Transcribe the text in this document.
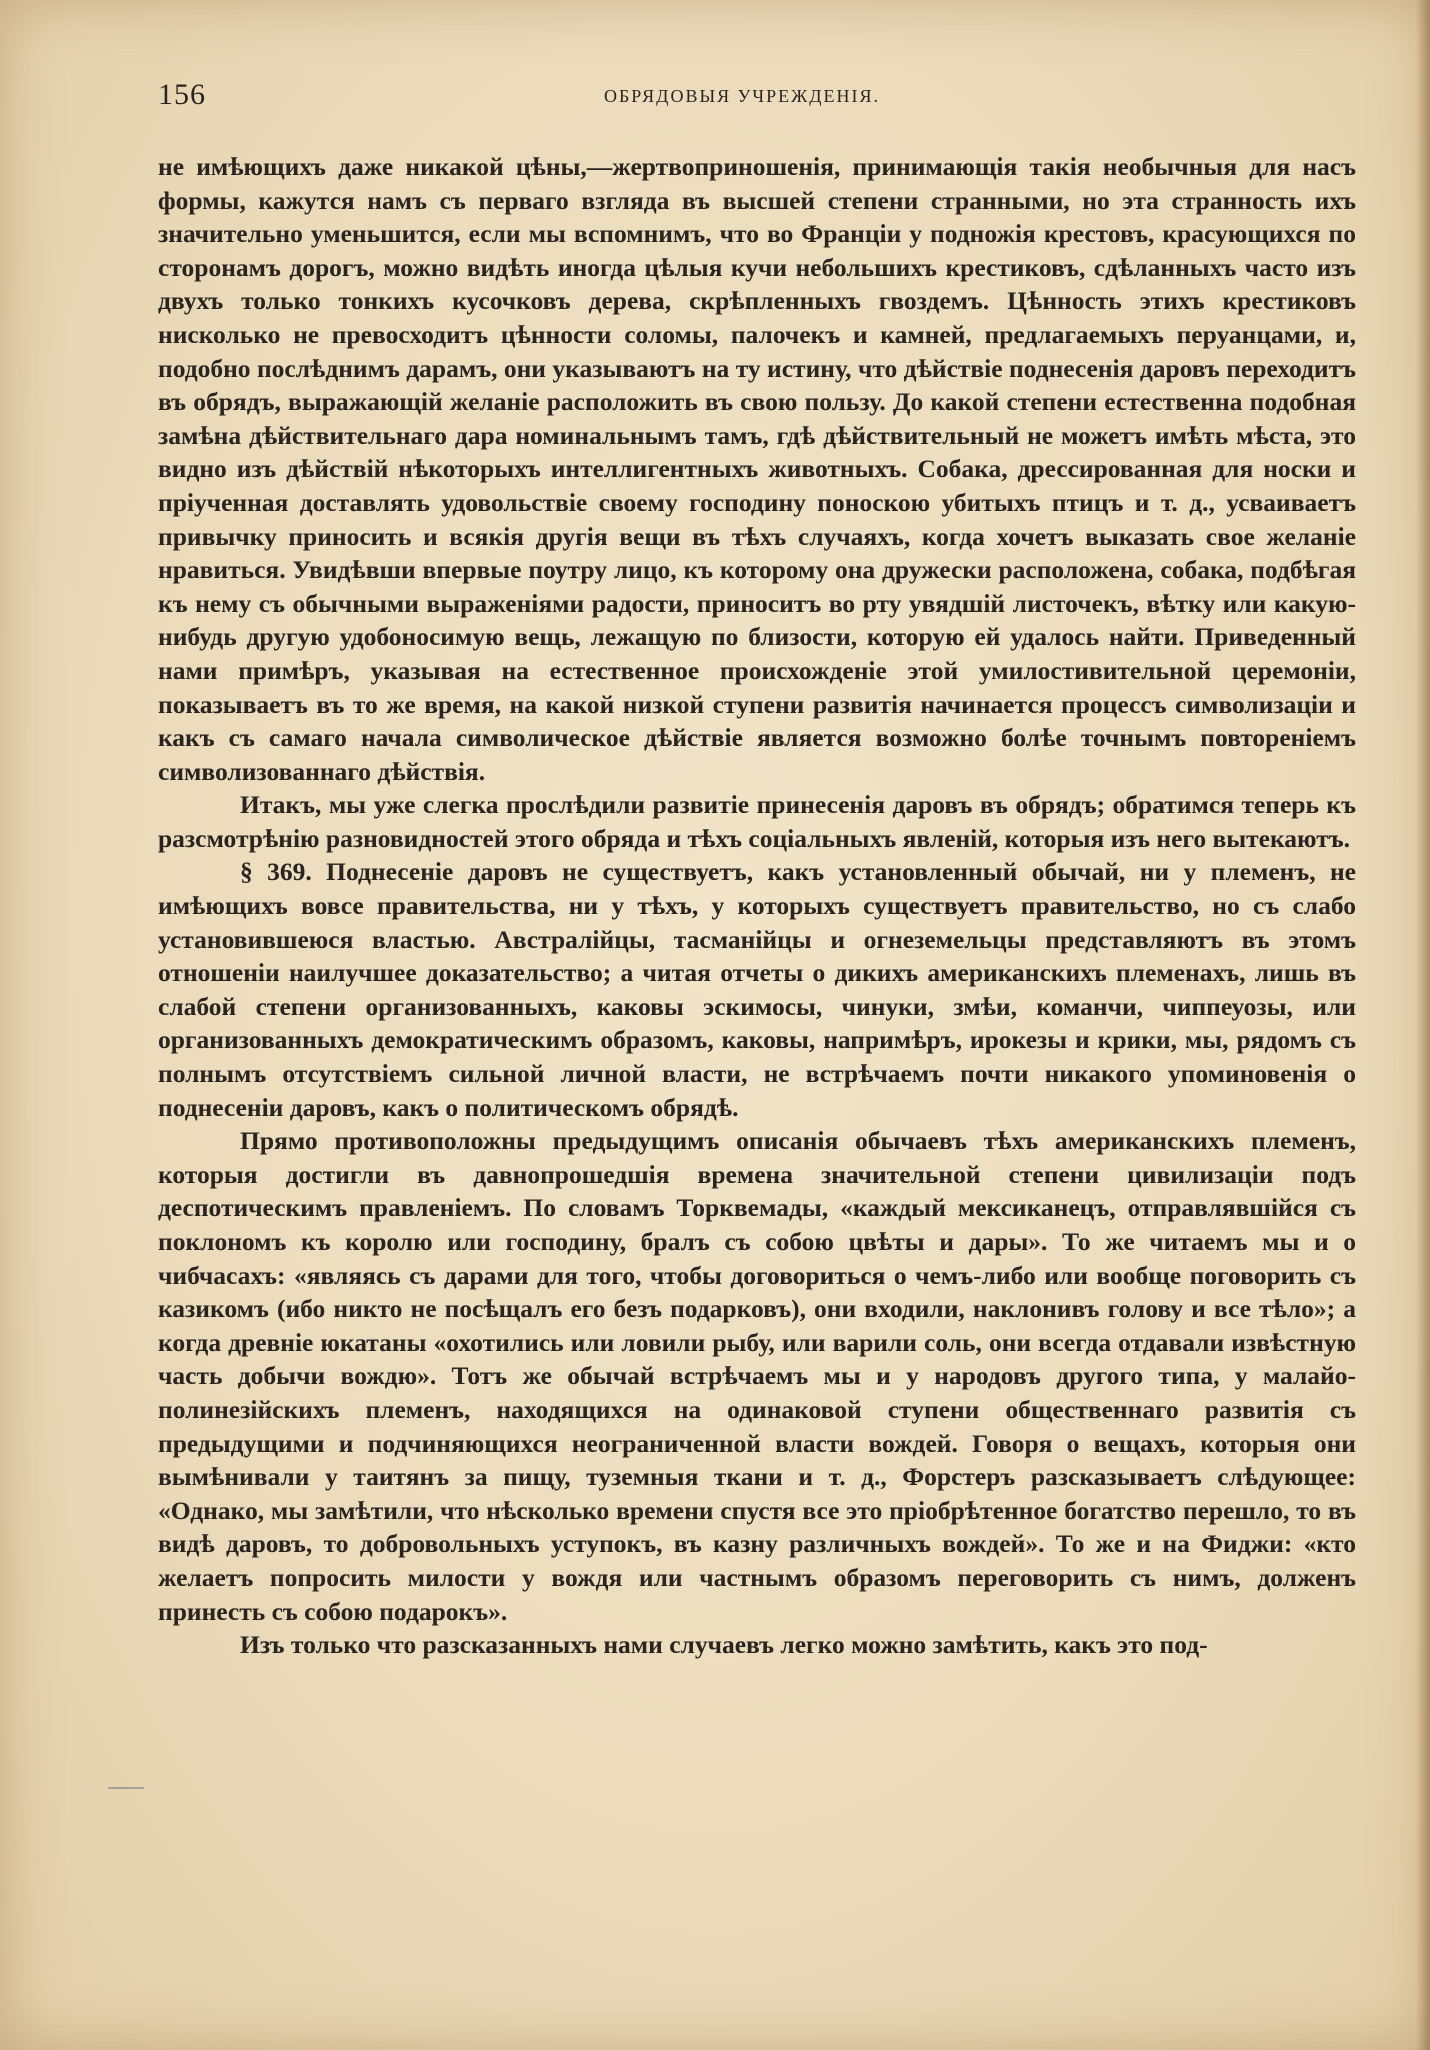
156	ОБРЯДОВЫЯ УЧРЕЖДЕНІЯ.

не имѣющихъ даже никакой цѣны,—жертвоприношенія, принимающія такія необычныя для насъ формы, кажутся намъ съ перваго взгляда въ высшей степени странными, но эта странность ихъ значительно уменьшится, если мы вспомнимъ, что во Франціи у подножія крестовъ, красующихся по сторонамъ дорогъ, можно видѣть иногда цѣлыя кучи небольшихъ крестиковъ, сдѣланныхъ часто изъ двухъ только тонкихъ кусочковъ дерева, скрѣпленныхъ гвоздемъ. Цѣнность этихъ крестиковъ нисколько не превосходитъ цѣнности соломы, палочекъ и камней, предлагаемыхъ перуанцами, и, подобно послѣднимъ дарамъ, они указываютъ на ту истину, что дѣйствіе поднесенія даровъ переходитъ въ обрядъ, выражающій желаніе расположить въ свою пользу. До какой степени естественна подобная замѣна дѣйствительнаго дара номинальнымъ тамъ, гдѣ дѣйствительный не можетъ имѣть мѣста, это видно изъ дѣйствій нѣкоторыхъ интеллигентныхъ животныхъ. Собака, дрессированная для носки и пріученная доставлять удовольствіе своему господину поноскою убитыхъ птицъ и т. д., усваиваетъ привычку приносить и всякія другія вещи въ тѣхъ случаяхъ, когда хочетъ выказать свое желаніе нравиться. Увидѣвши впервые поутру лицо, къ которому она дружески расположена, собака, подбѣгая къ нему съ обычными выраженіями радости, приноситъ во рту увядшій листочекъ, вѣтку или какую-нибудь другую удобоносимую вещь, лежащую по близости, которую ей удалось найти. Приведенный нами примѣръ, указывая на естественное происхожденіе этой умилостивительной церемоніи, показываетъ въ то же время, на какой низкой ступени развитія начинается процессъ символизаціи и какъ съ самаго начала символическое дѣйствіе является возможно болѣе точнымъ повтореніемъ символизованнаго дѣйствія.

Итакъ, мы уже слегка прослѣдили развитіе принесенія даровъ въ обрядъ; обратимся теперь къ разсмотрѣнію разновидностей этого обряда и тѣхъ соціальныхъ явленій, которыя изъ него вытекаютъ.

§ 369. Поднесеніе даровъ не существуетъ, какъ установленный обычай, ни у племенъ, не имѣющихъ вовсе правительства, ни у тѣхъ, у которыхъ существуетъ правительство, но съ слабо установившеюся властью. Австралійцы, тасманійцы и огнеземельцы представляютъ въ этомъ отношеніи наилучшее доказательство; а читая отчеты о дикихъ американскихъ племенахъ, лишь въ слабой степени организованныхъ, каковы эскимосы, чинуки, змѣи, команчи, чиппеуозы, или организованныхъ демократическимъ образомъ, каковы, напримѣръ, ирокезы и крики, мы, рядомъ съ полнымъ отсутствіемъ сильной личной власти, не встрѣчаемъ почти никакого упоминовенія о поднесеніи даровъ, какъ о политическомъ обрядѣ.

Прямо противоположны предыдущимъ описанія обычаевъ тѣхъ американскихъ племенъ, которыя достигли въ давнопрошедшія времена значительной степени цивилизаціи подъ деспотическимъ правленіемъ. По словамъ Торквемады, «каждый мексиканецъ, отправлявшійся съ поклономъ къ королю или господину, бралъ съ собою цвѣты и дары». То же читаемъ мы и о чибчасахъ: «являясь съ дарами для того, чтобы договориться о чемъ-либо или вообще поговорить съ казикомъ (ибо никто не посѣщалъ его безъ подарковъ), они входили, наклонивъ голову и все тѣло»; а когда древніе юкатаны «охотились или ловили рыбу, или варили соль, они всегда отдавали извѣстную часть добычи вождю». Тотъ же обычай встрѣчаемъ мы и у народовъ другого типа, у малайо-полинезійскихъ племенъ, находящихся на одинаковой ступени общественнаго развитія съ предыдущими и подчиняющихся неограниченной власти вождей. Говоря о вещахъ, которыя они вымѣнивали у таитянъ за пищу, туземныя ткани и т. д., Форстеръ разсказываетъ слѣдующее: «Однако, мы замѣтили, что нѣсколько времени спустя все это пріобрѣтенное богатство перешло, то въ видѣ даровъ, то добровольныхъ уступокъ, въ казну различныхъ вождей». То же и на Фиджи: «кто желаетъ попросить милости у вождя или частнымъ образомъ переговорить съ нимъ, долженъ принесть съ собою подарокъ».

Изъ только что разсказанныхъ нами случаевъ легко можно замѣтить, какъ это под-
